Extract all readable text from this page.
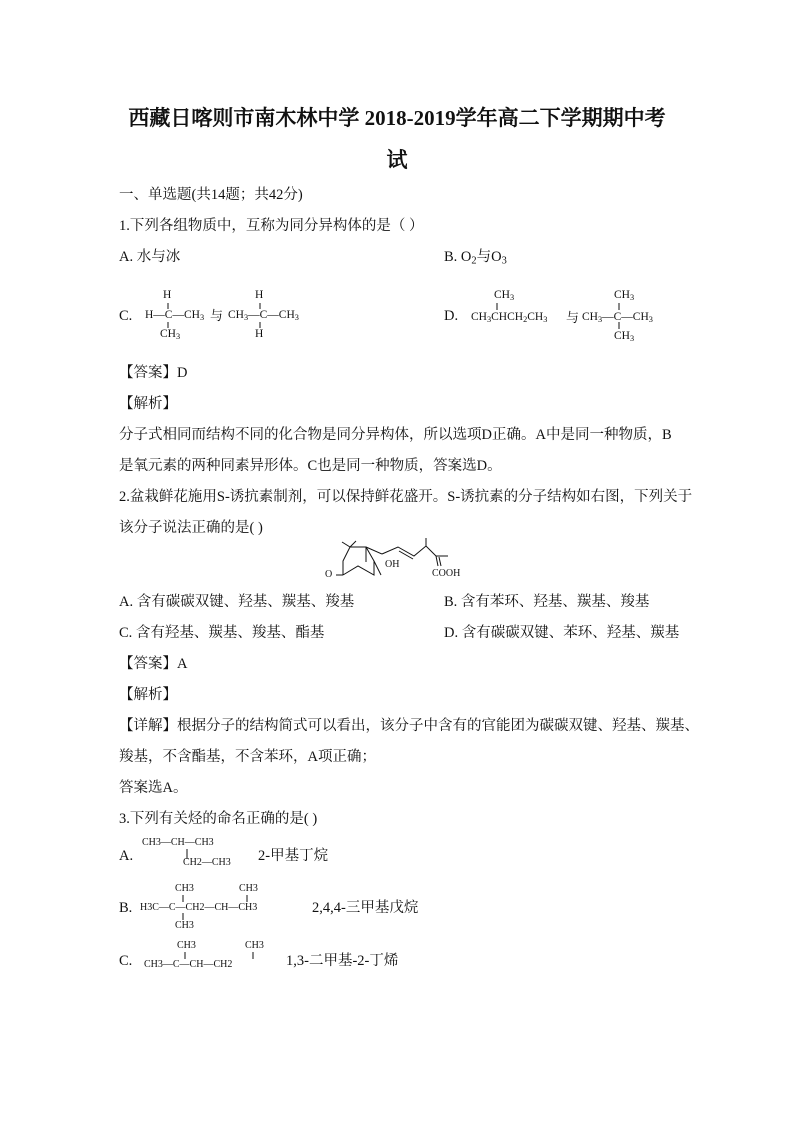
西藏日喀则市南木林中学 2018-2019学年高二下学期期中考
试
一、单选题(共14题；共42分)
1.下列各组物质中，互称为同分异构体的是（ ）
A. 水与冰	B. $O_2$与$O_3$
C.
H
$H—C—CH_3$
$CH_3$
与
H
$CH_3—C—CH_3$
H
D.
$CH_3$
$CH_3CHCH_2CH_3$ 与
$CH_3$
$CH_3—C—CH_3$
$CH_3$
【答案】D
【解析】
分子式相同而结构不同的化合物是同分异构体，所以选项D正确。A中是同一种物质，B
是氧元素的两种同素异形体。C也是同一种物质，答案选D。
2.盆栽鲜花施用S-诱抗素制剂，可以保持鲜花盛开。S-诱抗素的分子结构如右图，下列关于
该分子说法正确的是( )
O
OH
COOH
A. 含有碳碳双键、羟基、羰基、羧基	B. 含有苯环、羟基、羰基、羧基
C. 含有羟基、羰基、羧基、酯基	D. 含有碳碳双键、苯环、羟基、羰基
【答案】A
【解析】
【详解】根据分子的结构简式可以看出，该分子中含有的官能团为碳碳双键、羟基、羰基、
羧基，不含酯基，不含苯环，A项正确；
答案选A。
3.下列有关烃的命名正确的是( )
A.
CH3—CH—CH3
CH2—CH3 2-甲基丁烷
B.
CH3	CH3
H3C—C—CH2—CH—CH3
CH3
2,4,4-三甲基戊烷
C.
CH3	CH3
CH3—C—CH—CH2	1,3-二甲基-2-丁烯
